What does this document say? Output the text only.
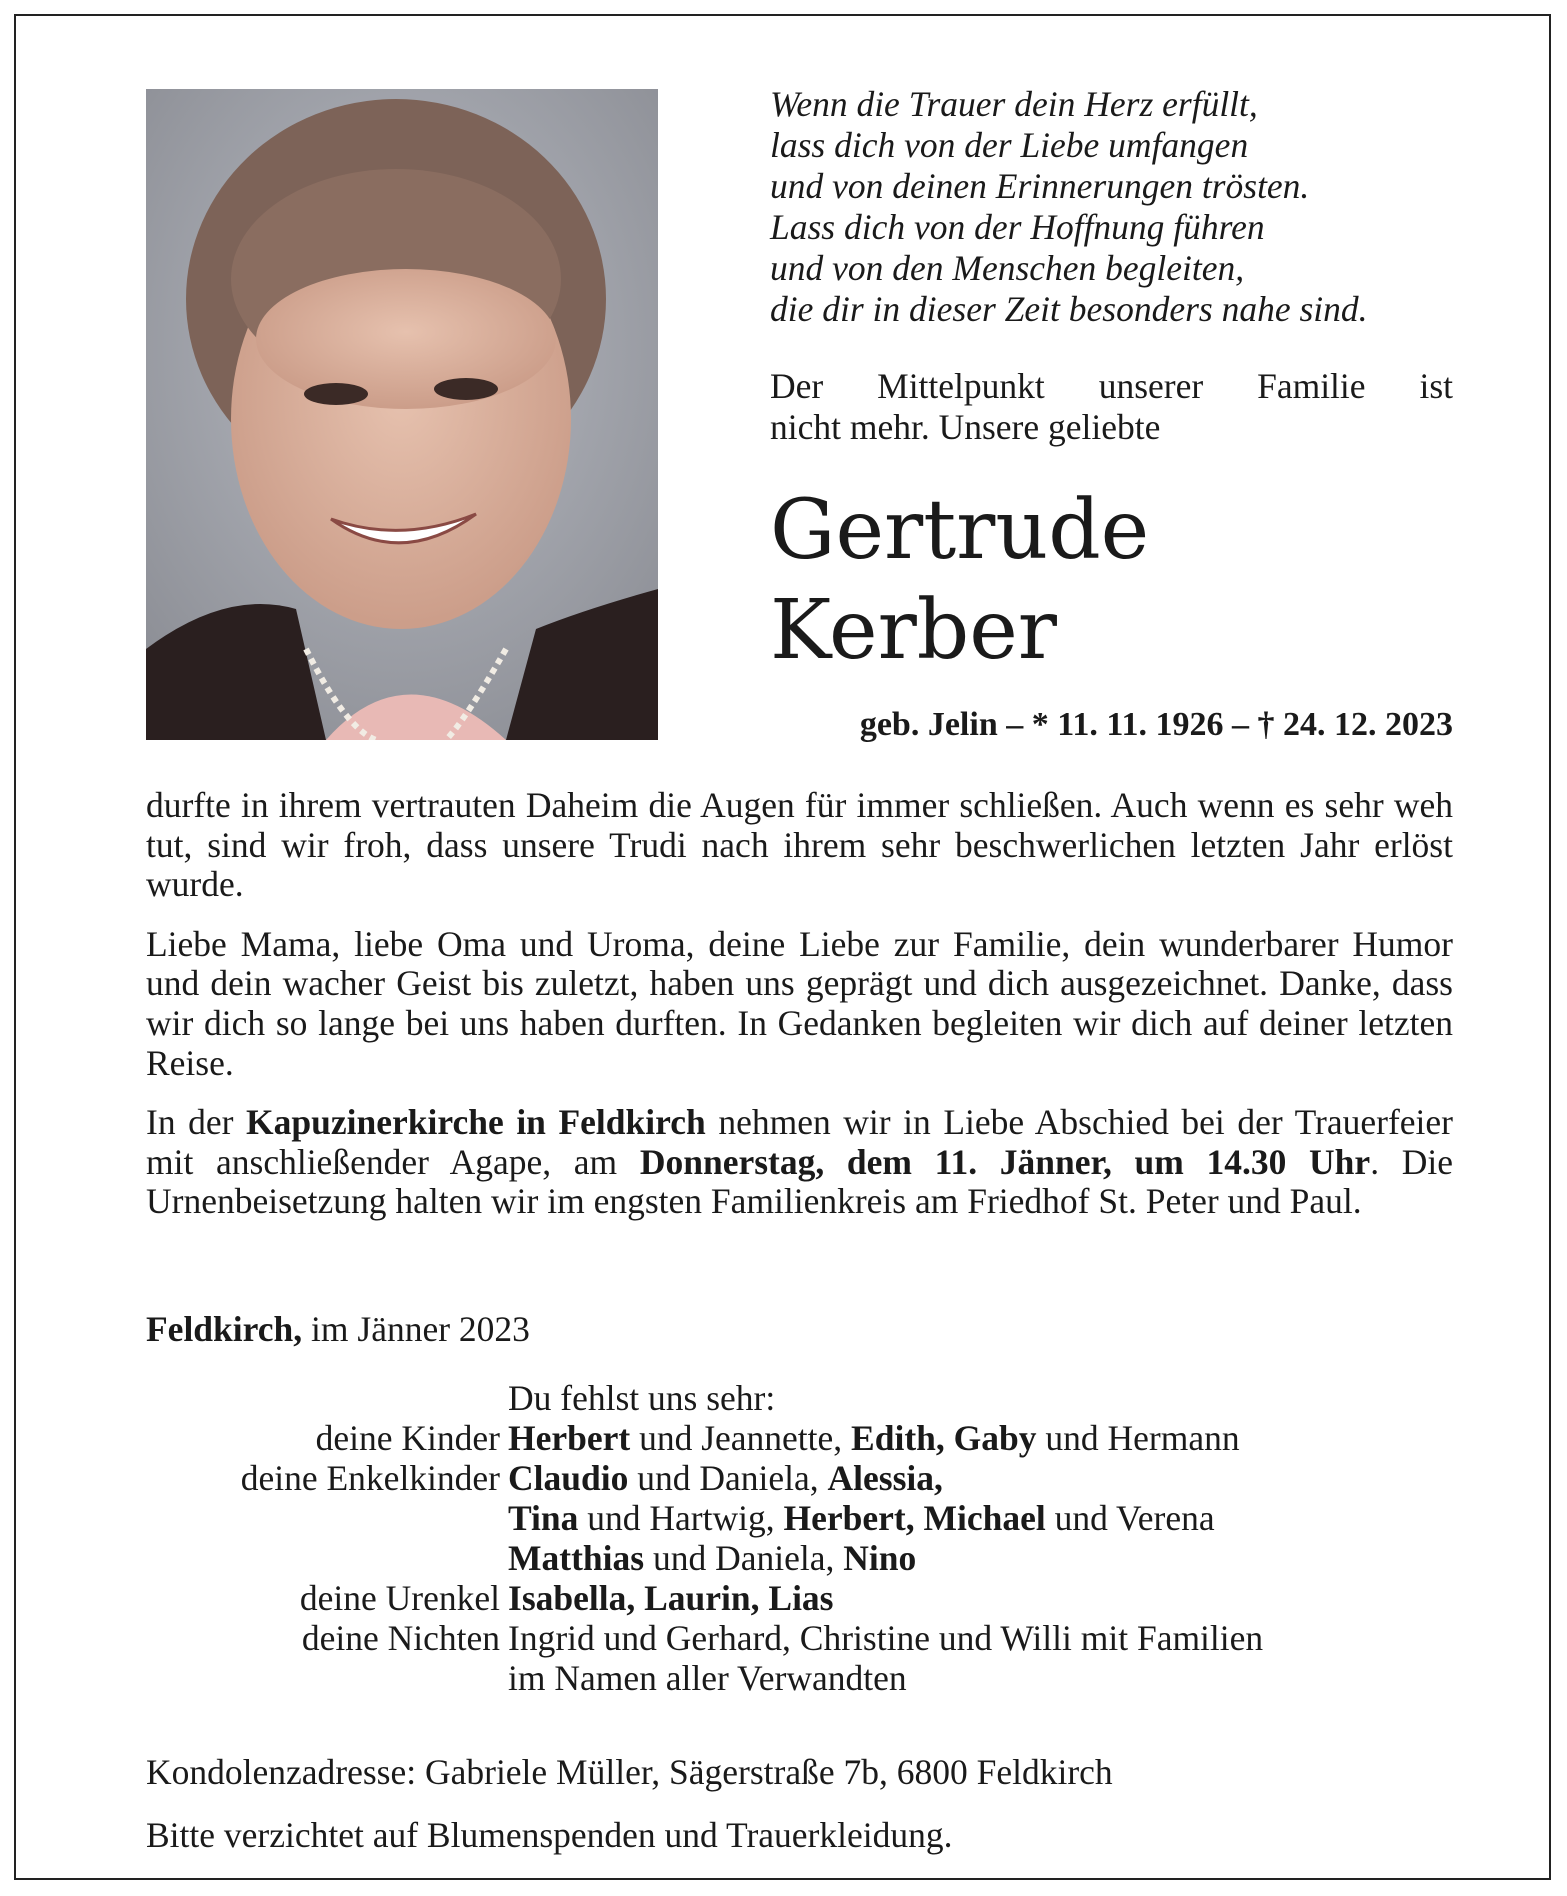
Wenn die Trauer dein Herz erfüllt,
lass dich von der Liebe umfangen
und von deinen Erinnerungen trösten.
Lass dich von der Hoffnung führen
und von den Menschen begleiten,
die dir in dieser Zeit besonders nahe sind.
Der Mittelpunkt unserer Familie ist
nicht mehr. Unsere geliebte
Gertrude
Kerber
geb. Jelin – * 11. 11. 1926 – † 24. 12. 2023

durfte in ihrem vertrauten Daheim die Augen für immer schließen. Auch wenn es sehr weh tut, sind wir froh, dass unsere Trudi nach ihrem sehr beschwerlichen letzten Jahr erlöst wurde.

Liebe Mama, liebe Oma und Uroma, deine Liebe zur Familie, dein wunderbarer Humor und dein wacher Geist bis zuletzt, haben uns geprägt und dich ausgezeichnet. Danke, dass wir dich so lange bei uns haben durften. In Gedanken begleiten wir dich auf deiner letzten Reise.

In der Kapuzinerkirche in Feldkirch nehmen wir in Liebe Abschied bei der Trauerfeier mit anschließender Agape, am Donnerstag, dem 11. Jänner, um 14.30 Uhr. Die Urnenbeisetzung halten wir im engsten Familienkreis am Friedhof St. Peter und Paul.

Feldkirch, im Jänner 2023
Du fehlst uns sehr:
deine Kinder Herbert und Jeannette, Edith, Gaby und Hermann
deine Enkelkinder Claudio und Daniela, Alessia,
Tina und Hartwig, Herbert, Michael und Verena
Matthias und Daniela, Nino
deine Urenkel Isabella, Laurin, Lias
deine Nichten Ingrid und Gerhard, Christine und Willi mit Familien
im Namen aller Verwandten
Kondolenzadresse: Gabriele Müller, Sägerstraße 7b, 6800 Feldkirch
Bitte verzichtet auf Blumenspenden und Trauerkleidung.
